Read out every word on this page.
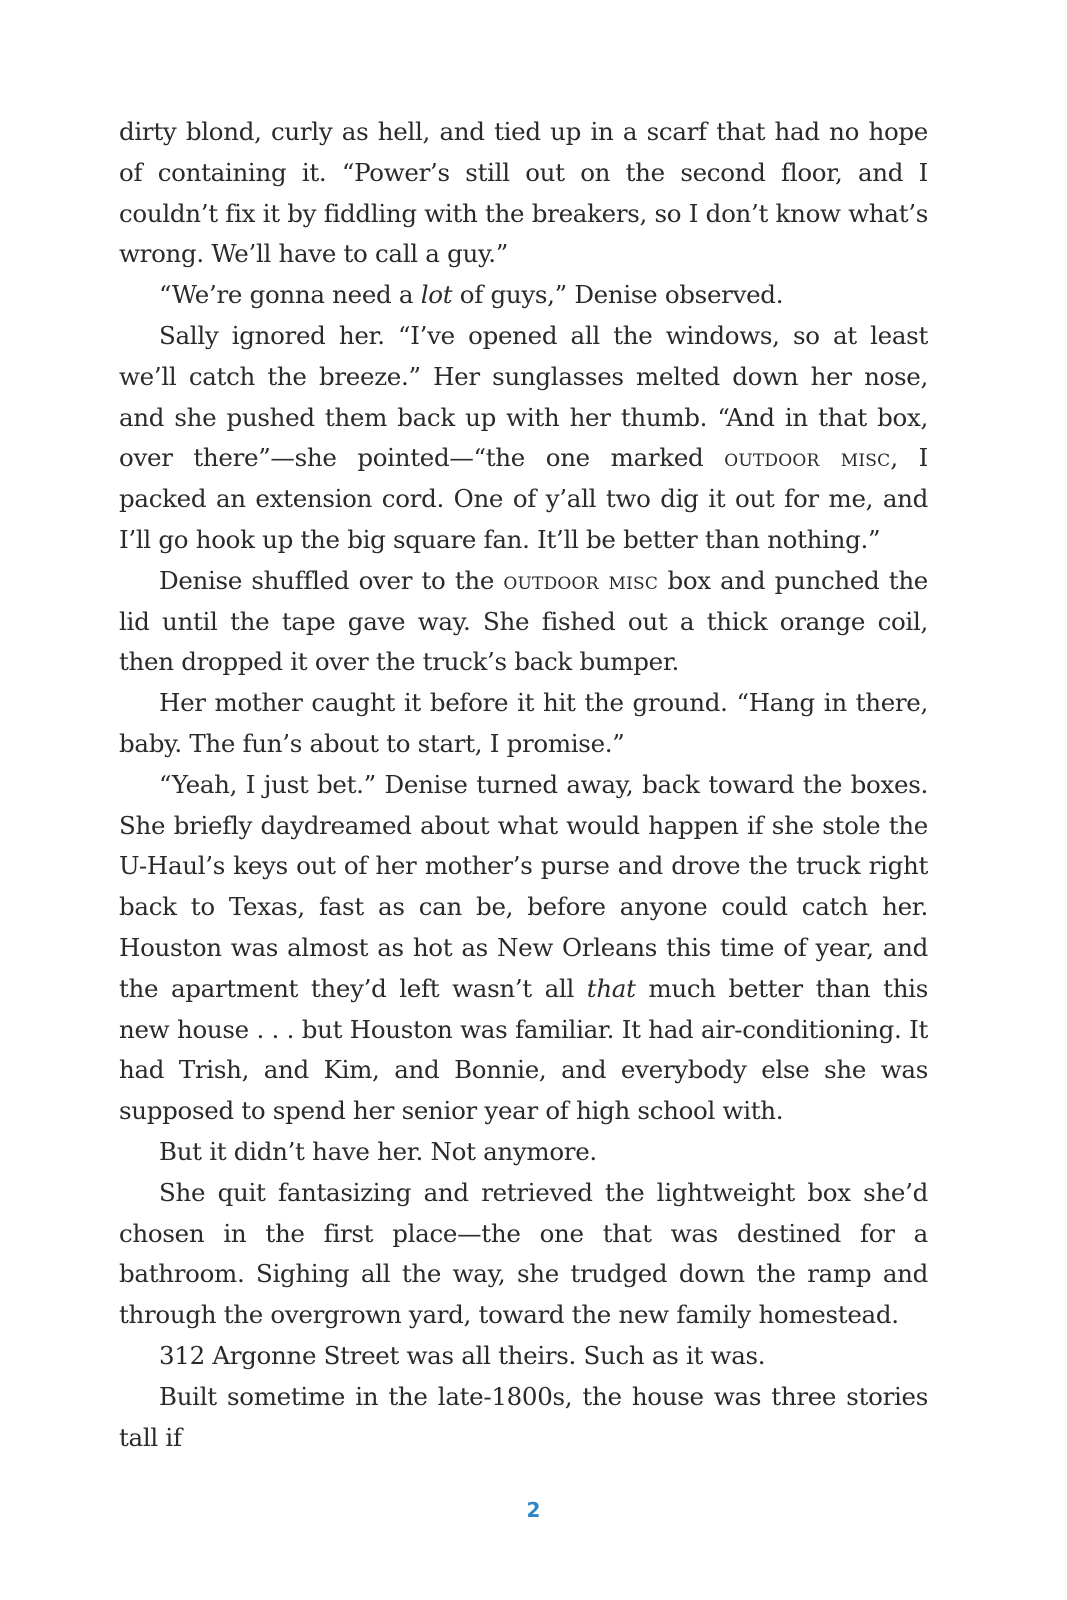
dirty blond, curly as hell, and tied up in a scarf that had no hope of containing it. “Power’s still out on the second floor, and I couldn’t fix it by fiddling with the breakers, so I don’t know what’s wrong. We’ll have to call a guy.”

“We’re gonna need a lot of guys,” Denise observed.

Sally ignored her. “I’ve opened all the windows, so at least we’ll catch the breeze.” Her sunglasses melted down her nose, and she pushed them back up with her thumb. “And in that box, over there”—she pointed—“the one marked outdoor misc, I packed an extension cord. One of y’all two dig it out for me, and I’ll go hook up the big square fan. It’ll be better than nothing.”

Denise shuffled over to the outdoor misc box and punched the lid until the tape gave way. She fished out a thick orange coil, then dropped it over the truck’s back bumper.

Her mother caught it before it hit the ground. “Hang in there, baby. The fun’s about to start, I promise.”

“Yeah, I just bet.” Denise turned away, back toward the boxes. She briefly daydreamed about what would happen if she stole the U-Haul’s keys out of her mother’s purse and drove the truck right back to Texas, fast as can be, before anyone could catch her. Houston was almost as hot as New Orleans this time of year, and the apartment they’d left wasn’t all that much better than this new house . . . but Houston was familiar. It had air-conditioning. It had Trish, and Kim, and Bonnie, and everybody else she was supposed to spend her senior year of high school with.

But it didn’t have her. Not anymore.

She quit fantasizing and retrieved the lightweight box she’d chosen in the first place—the one that was destined for a bathroom. Sighing all the way, she trudged down the ramp and through the overgrown yard, toward the new family homestead.

312 Argonne Street was all theirs. Such as it was.

Built sometime in the late-1800s, the house was three stories tall if

2
